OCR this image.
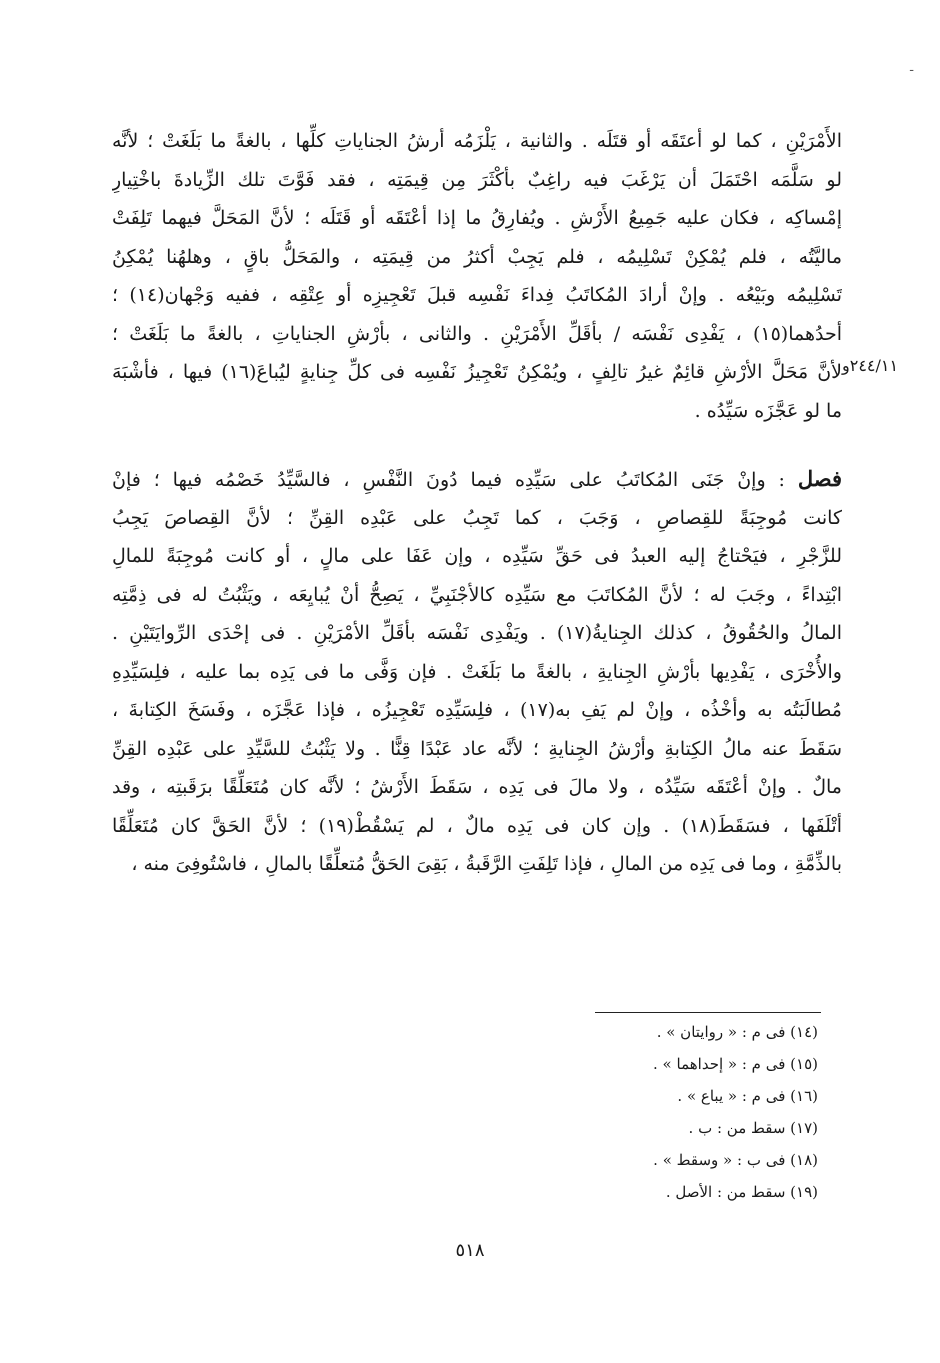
-
٢٤٤/١١و
الأَمْرَيْنِ ، كما لو أعتَقَه أو قتَلَه . والثانية ، يَلْزَمُه أرشُ الجناياتِ كلِّها ، بالغةً ما بَلَغَتْ ؛ لأنَّه
لو سَلَّمَه احْتَمَلَ أن يَرْغَبَ فيه راغِبٌ بأكْثَرَ مِن قِيمَتِه ، فقد فَوَّتَ تلك الزِّيادةَ باخْتِيارِ
إمْساكِه ، فكان عليه جَمِيعُ الأَرْشِ . ويُفارِقُ ما إذا أعْتَقَه أو قَتَلَه ؛ لأنَّ المَحَلَّ فيهما تَلِفَتْ
ماليَّتُه ، فلم يُمْكِنْ تَسْلِيمُه ، فلم يَجِبْ أكثرُ من قِيمَتِه ، والمَحَلُّ باقٍ ، وهلهُنا يُمْكِنُ
تَسْلِيمُه وبَيْعُه . وإنْ أرادَ المُكاتَبُ فِداءَ نَفْسِه قبلَ تَعْجِيزِه أو عِتْقِه ، ففيه وَجْهان(١٤) ؛
أحدُهما(١٥) ، يَفْدِى نَفْسَه / بأقَلِّ الأَمْرَيْنِ . والثانى ، بأرْشِ الجناياتِ ، بالغةً ما بَلَغَتْ ؛
لأنَّ مَحَلَّ الأرْشِ قائِمٌ غيرُ تالِفٍ ، ويُمْكِنُ تَعْجِيزُ نَفْسِه فى كلِّ جِنايةٍ ليُباعَ(١٦) فيها ، فأشْبَهَ
ما لو عَجَّزَه سَيِّدُه .
فصل : وإنْ جَنَى المُكاتَبُ على سَيِّدِه فيما دُونَ النَّفْسِ ، فالسَّيِّدُ خَصْمُه فيها ؛ فإنْ
كانت مُوجِبَةً للقِصاصِ ، وَجَبَ ، كما تَجِبُ على عَبْدِه القِنِّ ؛ لأنَّ القِصاصَ يَجِبُ
للزَّجْرِ ، فيَحْتاجُ إليه العبدُ فى حَقِّ سَيِّدِه ، وإن عَفَا على مالٍ ، أو كانت مُوجِبَةً للمالِ
ابْتِداءً ، وجَبَ له ؛ لأنَّ المُكاتَبَ مع سَيِّدِه كالأجْنَبِيِّ ، يَصِحُّ أنْ يُبايِعَه ، ويَثْبُتُ له فى ذِمَّتِه
المالُ والحُقُوقُ ، كذلك الجِنايةُ(١٧) . ويَفْدِى نَفْسَه بأقَلِّ الأمْرَيْنِ . فى إحْدَى الرِّوايَتَيْنِ .
والأُخْرَى ، يَفْدِيها بأرْشِ الجِنايةِ ، بالغةً ما بَلَغَتْ . فإن وَفَّى ما فى يَدِه بما عليه ، فلِسَيِّدِهِ
مُطالَبَتُه به وأخْذُه ، وإنْ لم يَفِ به(١٧) ، فلِسَيِّدِه تَعْجِيزُه ، فإذا عَجَّزَه ، وفَسَخَ الكِتابةَ ،
سَقَطَ عنه مالُ الكِتابةِ وأرْشُ الجِنايةِ ؛ لأنَّه عاد عَبْدًا قِنًّا . ولا يَثْبُتُ للسَّيِّدِ على عَبْدِه القِنِّ
مالٌ . وإنْ أعْتَقَه سَيِّدُه ، ولا مالَ فى يَدِه ، سَقَطَ الأَرْشُ ؛ لأنَّه كان مُتَعَلِّقًا برَقَبتِه ، وقد
أتْلَفَها ، فسَقَطَ(١٨) . وإن كان فى يَدِه مالٌ ، لم يَسْقُطْ(١٩) ؛ لأنَّ الحَقَّ كان مُتَعَلِّقًا
بالذِّمَّةِ ، وما فى يَدِه من المالِ ، فإذا تَلِفَتِ الرَّقَبةُ ، بَقِىَ الحَقُّ مُتعلِّقًا بالمالِ ، فاسْتُوفِىَ منه ،
(١٤) فى م : « روايتان » .
(١٥) فى م : « إحداهما » .
(١٦) فى م : « يباع » .
(١٧) سقط من : ب .
(١٨) فى ب : « وسقط » .
(١٩) سقط من : الأصل .
٥١٨
